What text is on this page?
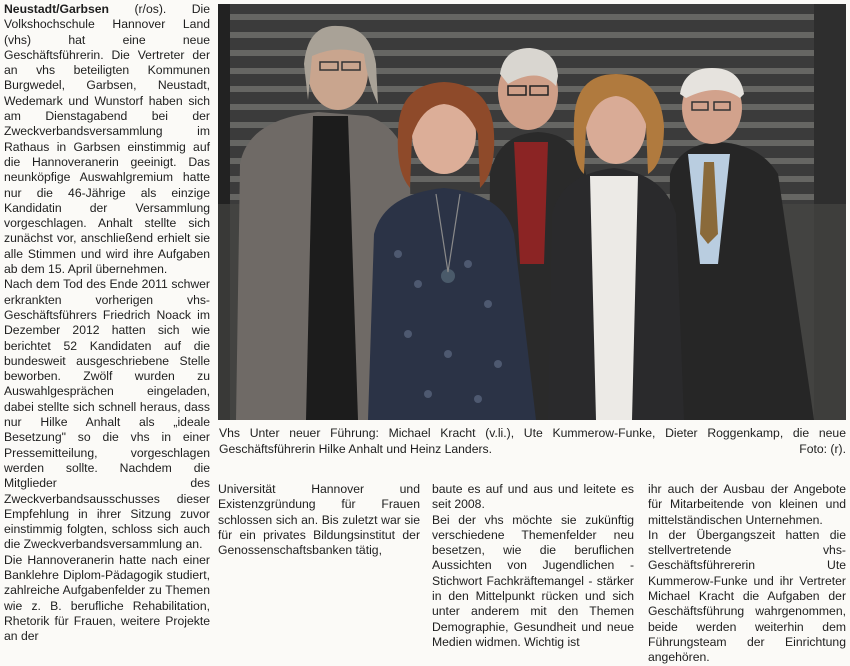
Neustadt/Garbsen (r/os). Die Volkshochschule Hannover Land (vhs) hat eine neue Geschäftsführerin. Die Vertreter der an vhs beteiligten Kommunen Burgwedel, Garbsen, Neustadt, Wedemark und Wunstorf haben sich am Dienstagabend bei der Zweckverbandsversammlung im Rathaus in Garbsen einstimmig auf die Hannoveranerin geeinigt. Das neunköpfige Auswahlgremium hatte nur die 46-Jährige als einzige Kandidatin der Versammlung vorgeschlagen. Anhalt stellte sich zunächst vor, anschließend erhielt sie alle Stimmen und wird ihre Aufgaben ab dem 15. April übernehmen.

Nach dem Tod des Ende 2011 schwer erkrankten vorherigen vhs-Geschäftsführers Friedrich Noack im Dezember 2012 hatten sich wie berichtet 52 Kandidaten auf die bundesweit ausgeschriebene Stelle beworben. Zwölf wurden zu Auswahlgesprächen eingeladen, dabei stellte sich schnell heraus, dass nur Hilke Anhalt als „ideale Besetzung" so die vhs in einer Pressemitteilung, vorgeschlagen werden sollte. Nachdem die Mitglieder des Zweckverbandsausschusses dieser Empfehlung in ihrer Sitzung zuvor einstimmig folgten, schloss sich auch die Zweckverbandsversammlung an.

Die Hannoveranerin hatte nach einer Banklehre Diplom-Pädagogik studiert, zahlreiche Aufgabenfelder zu Themen wie z. B. berufliche Rehabilitation, Rhetorik für Frauen, weitere Projekte an der

Vhs Unter neuer Führung: Michael Kracht (v.li.), Ute Kummerow-Funke, Dieter Roggenkamp, die neue Geschäftsführerin Hilke Anhalt und Heinz Landers.	Foto: (r).

Universität Hannover und Existenzgründung für Frauen schlossen sich an. Bis zuletzt war sie für ein privates Bildungsinstitut der Genossenschaftsbanken tätig,

baute es auf und aus und leitete es seit 2008.

Bei der vhs möchte sie zukünftig verschiedene Themenfelder neu besetzen, wie die beruflichen Aussichten von Jugendlichen - Stichwort Fachkräftemangel - stärker in den Mittelpunkt rücken und sich unter anderem mit den Themen Demographie, Gesundheit und neue Medien widmen. Wichtig ist

ihr auch der Ausbau der Angebote für Mitarbeitende von kleinen und mittelständischen Unternehmen.

In der Übergangszeit hatten die stellvertretende vhs-Geschäftsführererin Ute Kummerow-Funke und ihr Vertreter Michael Kracht die Aufgaben der Geschäftsführung wahrgenommen, beide werden weiterhin dem Führungsteam der Einrichtung angehören.
